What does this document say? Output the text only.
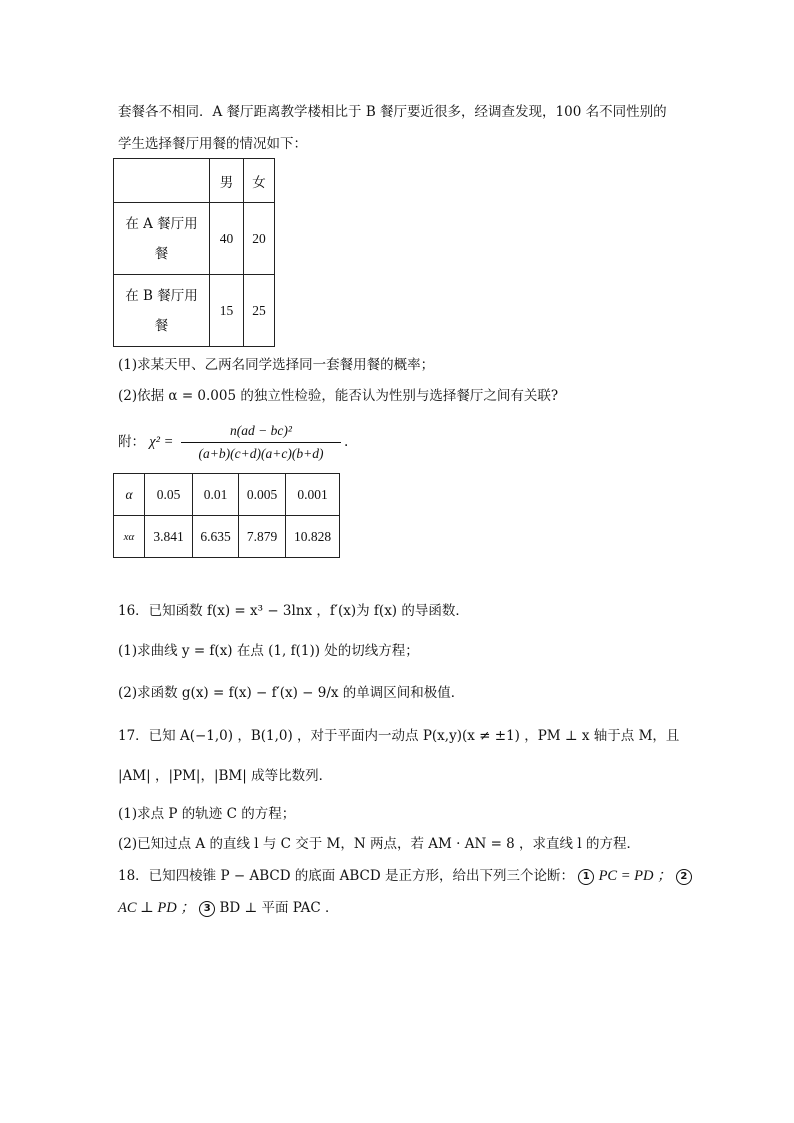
套餐各不相同．A 餐厅距离教学楼相比于 B 餐厅要近很多，经调查发现，100 名不同性别的
学生选择餐厅用餐的情况如下：
	男	女

在 A 餐厅用
餐	40	20

在 B 餐厅用
餐	15	25
(1)求某天甲、乙两名同学选择同一套餐用餐的概率；
(2)依据 α = 0.005 的独立性检验，能否认为性别与选择餐厅之间有关联?
附： χ² =
n(ad − bc)²
(a+b)(c+d)(a+c)(b+d)
.
α	0.05	0.01	0.005	0.001
xα	3.841	6.635	7.879	10.828
16．已知函数 f(x) = x³ − 3lnx ，f′(x)为 f(x) 的导函数．
(1)求曲线 y = f(x) 在点 (1, f(1)) 处的切线方程；
(2)求函数 g(x) = f(x) − f′(x) − 9/x 的单调区间和极值．
17．已知 A(−1,0) ，B(1,0) ，对于平面内一动点 P(x,y)(x ≠ ±1) ，PM ⊥ x 轴于点 M，且
|AM| ，|PM|，|BM| 成等比数列．
(1)求点 P 的轨迹 C 的方程；
(2)已知过点 A 的直线 l 与 C 交于 M，N 两点，若 AM · AN = 8 ，求直线 l 的方程．
18．已知四棱锥 P − ABCD 的底面 ABCD 是正方形，给出下列三个论断： 1 PC = PD ； 2
AC ⊥ PD ； 3 BD ⊥ 平面 PAC ．
